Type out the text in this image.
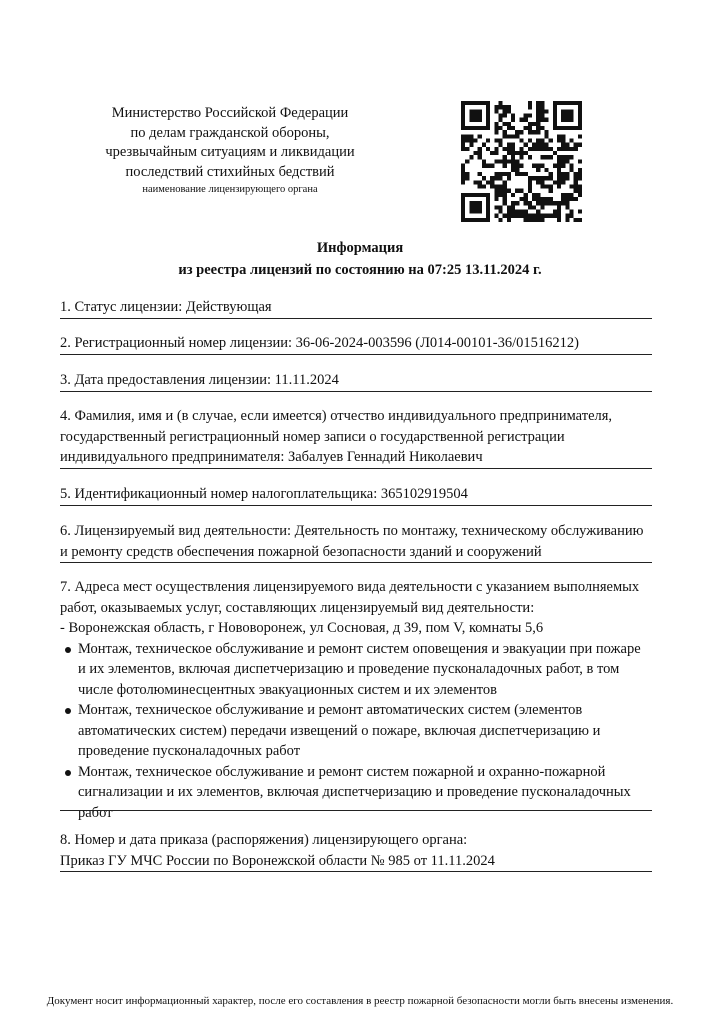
Министерство Российской Федерации
по делам гражданской обороны,
чрезвычайным ситуациям и ликвидации
последствий стихийных бедствий
наименование лицензирующего органа
Информация
из реестра лицензий по состоянию на 07:25 13.11.2024 г.
1. Статус лицензии: Действующая
2. Регистрационный номер лицензии: 36-06-2024-003596 (Л014-00101-36/01516212)
3. Дата предоставления лицензии: 11.11.2024
4. Фамилия, имя и (в случае, если имеется) отчество индивидуального предпринимателя,
государственный регистрационный номер записи о государственной регистрации
индивидуального предпринимателя: Забалуев Геннадий Николаевич
5. Идентификационный номер налогоплательщика: 365102919504
6. Лицензируемый вид деятельности: Деятельность по монтажу, техническому обслуживанию
и ремонту средств обеспечения пожарной безопасности зданий и сооружений
7. Адреса мест осуществления лицензируемого вида деятельности с указанием выполняемых
работ, оказываемых услуг, составляющих лицензируемый вид деятельности:
- Воронежская область, г Нововоронеж, ул Сосновая, д 39, пом V, комнаты 5,6
Монтаж, техническое обслуживание и ремонт систем оповещения и эвакуации при пожаре
и их элементов, включая диспетчеризацию и проведение пусконаладочных работ, в том
числе фотолюминесцентных эвакуационных систем и их элементов
Монтаж, техническое обслуживание и ремонт автоматических систем (элементов
автоматических систем) передачи извещений о пожаре, включая диспетчеризацию и
проведение пусконаладочных работ
Монтаж, техническое обслуживание и ремонт систем пожарной и охранно-пожарной
сигнализации и их элементов, включая диспетчеризацию и проведение пусконаладочных
работ
8. Номер и дата приказа (распоряжения) лицензирующего органа:
Приказ ГУ МЧС России по Воронежской области № 985 от 11.11.2024
Документ носит информационный характер, после его составления в реестр пожарной безопасности могли быть внесены изменения.
